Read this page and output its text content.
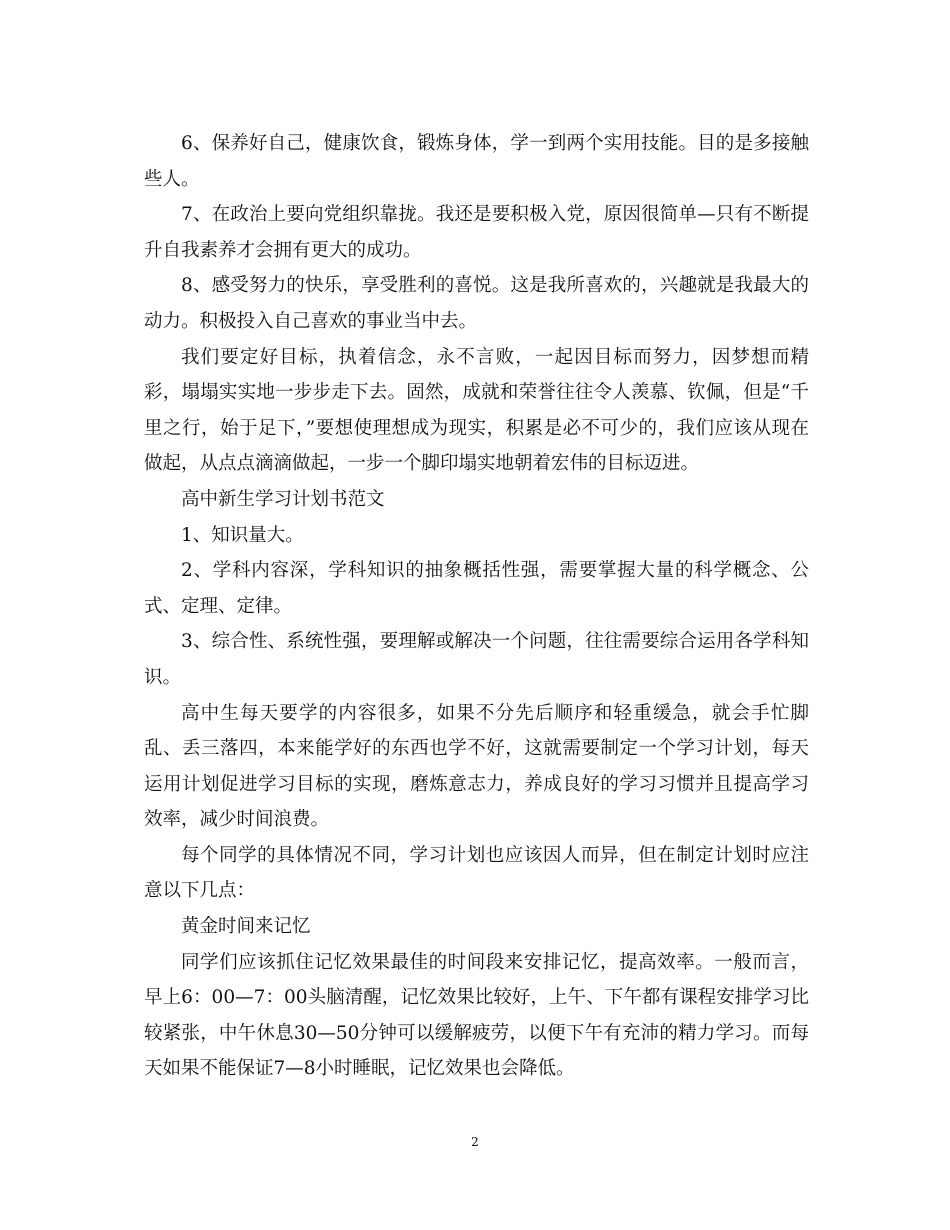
6、保养好自己，健康饮食，锻炼身体，学一到两个实用技能。目的是多接触些人。

7、在政治上要向党组织靠拢。我还是要积极入党，原因很简单—只有不断提升自我素养才会拥有更大的成功。

8、感受努力的快乐，享受胜利的喜悦。这是我所喜欢的，兴趣就是我最大的动力。积极投入自己喜欢的事业当中去。

我们要定好目标，执着信念，永不言败，一起因目标而努力，因梦想而精彩，塌塌实实地一步步走下去。固然，成就和荣誉往往令人羡慕、钦佩，但是“千里之行，始于足下，”要想使理想成为现实，积累是必不可少的，我们应该从现在做起，从点点滴滴做起，一步一个脚印塌实地朝着宏伟的目标迈进。

高中新生学习计划书范文

1、知识量大。

2、学科内容深，学科知识的抽象概括性强，需要掌握大量的科学概念、公式、定理、定律。

3、综合性、系统性强，要理解或解决一个问题，往往需要综合运用各学科知识。

高中生每天要学的内容很多，如果不分先后顺序和轻重缓急，就会手忙脚乱、丢三落四，本来能学好的东西也学不好，这就需要制定一个学习计划，每天运用计划促进学习目标的实现，磨炼意志力，养成良好的学习习惯并且提高学习效率，减少时间浪费。

每个同学的具体情况不同，学习计划也应该因人而异，但在制定计划时应注意以下几点：

黄金时间来记忆

同学们应该抓住记忆效果最佳的时间段来安排记忆，提高效率。一般而言，早上6：00—7：00头脑清醒，记忆效果比较好，上午、下午都有课程安排学习比较紧张，中午休息30—50分钟可以缓解疲劳，以便下午有充沛的精力学习。而每天如果不能保证7—8小时睡眠，记忆效果也会降低。

2
